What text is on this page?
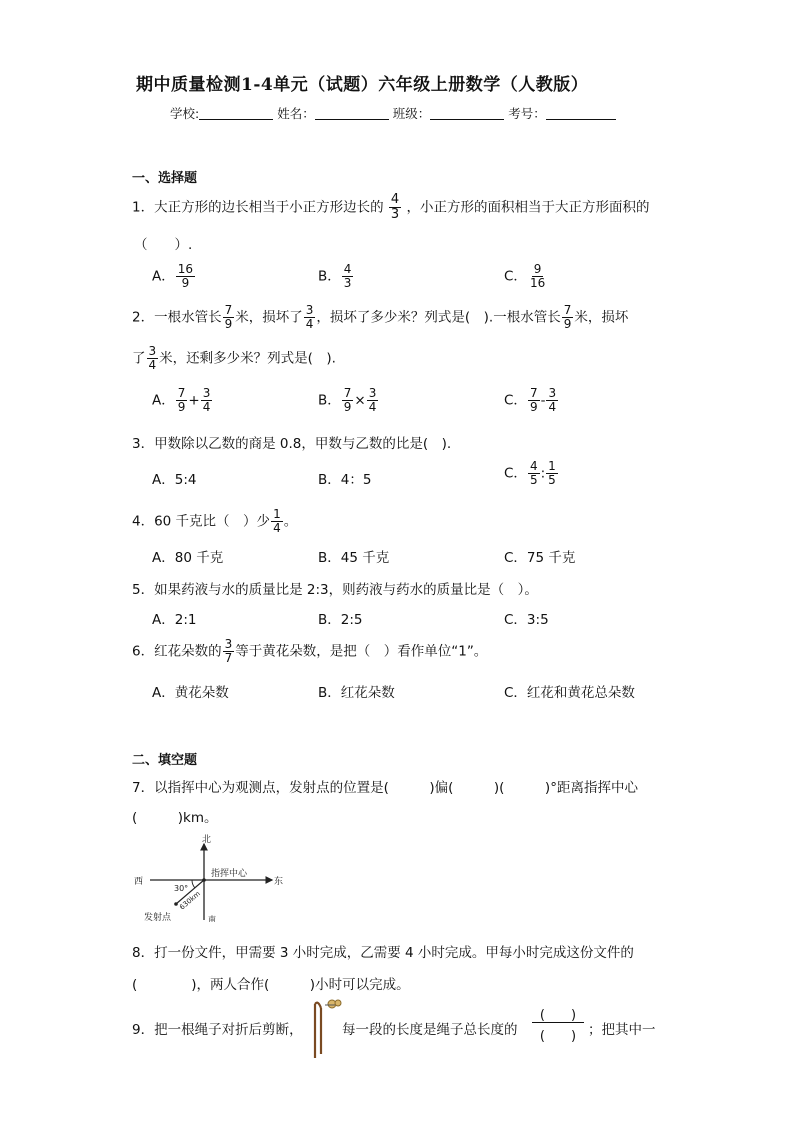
期中质量检测1-4单元（试题）六年级上册数学（人教版）
学校:	姓名：	班级：	考号：
一、选择题
1．大正方形的边长相当于小正方形边长的 $\frac{4}{3}$ ，小正方形的面积相当于大正方形面积的
（　　）.
A． $\frac{16}{9}$	B． $\frac{4}{3}$	C． $\frac{9}{16}$
2．一根水管长 $\frac{7}{9}$ 米，损坏了 $\frac{3}{4}$ ，损坏了多少米？列式是(　).一根水管长 $\frac{7}{9}$ 米，损坏
了 $\frac{3}{4}$ 米，还剩多少米？列式是(　).
A． $\frac{7}{9} + \frac{3}{4}$	B． $\frac{7}{9} \times \frac{3}{4}$	C． $\frac{7}{9} - \frac{3}{4}$
3．甲数除以乙数的商是 0.8，甲数与乙数的比是(　).
A．5:4	B．4：5	C． $\frac{4}{5}$ : $\frac{1}{5}$
4．60 千克比（　）少 $\frac{1}{4}$ 。
A．80 千克	B．45 千克	C．75 千克
5．如果药液与水的质量比是 2:3，则药液与药水的质量比是（　）。
A．2:1	B．2:5	C．3:5
6．红花朵数的 $\frac{3}{7}$ 等于黄花朵数，是把（　）看作单位“1”。
A．黄花朵数	B．红花朵数	C．红花和黄花总朵数
二、填空题
7．以指挥中心为观测点，发射点的位置是(　　　)偏(　　　)(　　　)°距离指挥中心
(　　　)km。
北
南
西	东
指挥中心
30°
630km
发射点
8．打一份文件，甲需要 3 小时完成，乙需要 4 小时完成。甲每小时完成这份文件的
(　　　　)，两人合作(　　　)小时可以完成。
9．把一根绳子对折后剪断，	每一段的长度是绳子总长度的
(　　)
(　　) ；把其中一
